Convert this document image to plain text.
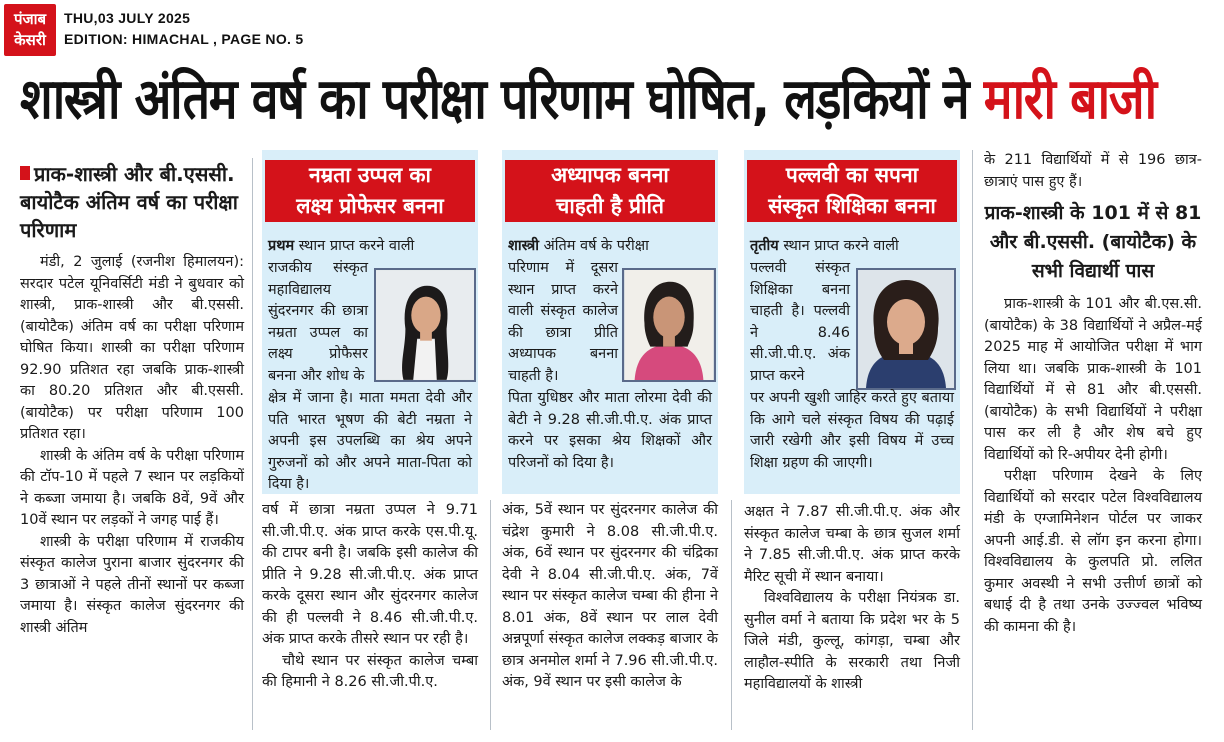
पंजाब
केसरी
THU,03 JULY 2025
EDITION: HIMACHAL , PAGE NO. 5
शास्त्री अंतिम वर्ष का परीक्षा परिणाम घोषित, लड़कियों ने मारी बाजी
प्राक-शास्त्री और बी.एससी. बायोटैक अंतिम वर्ष का परीक्षा परिणाम

मंडी, 2 जुलाई (रजनीश हिमालयन): सरदार पटेल यूनिवर्सिटी मंडी ने बुधवार को शास्त्री, प्राक-शास्त्री और बी.एससी. (बायोटैक) अंतिम वर्ष का परीक्षा परिणाम घोषित किया। शास्त्री का परीक्षा परिणाम 92.90 प्रतिशत रहा जबकि प्राक-शास्त्री का 80.20 प्रतिशत और बी.एससी. (बायोटैक) पर परीक्षा परिणाम 100 प्रतिशत रहा।

शास्त्री के अंतिम वर्ष के परीक्षा परिणाम की टॉप-10 में पहले 7 स्थान पर लड़कियों ने कब्जा जमाया है। जबकि 8वें, 9वें और 10वें स्थान पर लड़कों ने जगह पाई हैं।

शास्त्री के परीक्षा परिणाम में राजकीय संस्कृत कालेज पुराना बाजार सुंदरनगर की 3 छात्राओं ने पहले तीनों स्थानों पर कब्जा जमाया है। संस्कृत कालेज सुंदरनगर की शास्त्री अंतिम

नम्रता उप्पल का
लक्ष्य प्रोफेसर बनना
प्रथम स्थान प्राप्त करने वाली
राजकीय संस्कृत महाविद्यालय सुंदरनगर की छात्रा नम्रता उप्पल का लक्ष्य प्रोफैसर बनना और शोध के
क्षेत्र में जाना है। माता ममता देवी और पति भारत भूषण की बेटी नम्रता ने अपनी इस उपलब्धि का श्रेय अपने गुरुजनों को और अपने माता-पिता को दिया है।
अध्यापक बनना
चाहती है प्रीति
शास्त्री अंतिम वर्ष के परीक्षा
परिणाम में दूसरा स्थान प्राप्त करने वाली संस्कृत कालेज की छात्रा प्रीति अध्यापक बनना चाहती है।
पिता युधिष्ठर और माता लोरमा देवी की बेटी ने 9.28 सी.जी.पी.ए. अंक प्राप्त करने पर इसका श्रेय शिक्षकों और परिजनों को दिया है।
पल्लवी का सपना
संस्कृत शिक्षिका बनना
तृतीय स्थान प्राप्त करने वाली
पल्लवी संस्कृत शिक्षिका बनना चाहती है। पल्लवी ने 8.46 सी.जी.पी.ए. अंक प्राप्त करने
पर अपनी खुशी जाहिर करते हुए बताया कि आगे चले संस्कृत विषय की पढ़ाई जारी रखेगी और इसी विषय में उच्च शिक्षा ग्रहण की जाएगी।

वर्ष में छात्रा नम्रता उप्पल ने 9.71 सी.जी.पी.ए. अंक प्राप्त करके एस.पी.यू. की टापर बनी है। जबकि इसी कालेज की प्रीति ने 9.28 सी.जी.पी.ए. अंक प्राप्त करके दूसरा स्थान और सुंदरनगर कालेज की ही पल्लवी ने 8.46 सी.जी.पी.ए. अंक प्राप्त करके तीसरे स्थान पर रही है।

चौथे स्थान पर संस्कृत कालेज चम्बा की हिमानी ने 8.26 सी.जी.पी.ए.

अंक, 5वें स्थान पर सुंदरनगर कालेज की चंद्रेश कुमारी ने 8.08 सी.जी.पी.ए. अंक, 6वें स्थान पर सुंदरनगर की चंद्रिका देवी ने 8.04 सी.जी.पी.ए. अंक, 7वें स्थान पर संस्कृत कालेज चम्बा की हीना ने 8.01 अंक, 8वें स्थान पर लाल देवी अन्नपूर्णा संस्कृत कालेज लक्कड़ बाजार के छात्र अनमोल शर्मा ने 7.96 सी.जी.पी.ए. अंक, 9वें स्थान पर इसी कालेज के

अक्षत ने 7.87 सी.जी.पी.ए. अंक और संस्कृत कालेज चम्बा के छात्र सुजल शर्मा ने 7.85 सी.जी.पी.ए. अंक प्राप्त करके मैरिट सूची में स्थान बनाया।

विश्वविद्यालय के परीक्षा नियंत्रक डा. सुनील वर्मा ने बताया कि प्रदेश भर के 5 जिले मंडी, कुल्लू, कांगड़ा, चम्बा और लाहौल-स्पीति के सरकारी तथा निजी महाविद्यालयों के शास्त्री

के 211 विद्यार्थियों में से 196 छात्र-छात्राएं पास हुए हैं।

प्राक-शास्त्री के 101 में से 81 और बी.एससी. (बायोटैक) के सभी विद्यार्थी पास

प्राक-शास्त्री के 101 और बी.एस.सी. (बायोटैक) के 38 विद्यार्थियों ने अप्रैल-मई 2025 माह में आयोजित परीक्षा में भाग लिया था। जबकि प्राक-शास्त्री के 101 विद्यार्थियों में से 81 और बी.एससी. (बायोटैक) के सभी विद्यार्थियों ने परीक्षा पास कर ली है और शेष बचे हुए विद्यार्थियों को रि-अपीयर देनी होगी।

परीक्षा परिणाम देखने के लिए विद्यार्थियों को सरदार पटेल विश्वविद्यालय मंडी के एग्जामिनेशन पोर्टल पर जाकर अपनी आई.डी. से लॉग इन करना होगा। विश्वविद्यालय के कुलपति प्रो. ललित कुमार अवस्थी ने सभी उत्तीर्ण छात्रों को बधाई दी है तथा उनके उज्ज्वल भविष्य की कामना की है।
